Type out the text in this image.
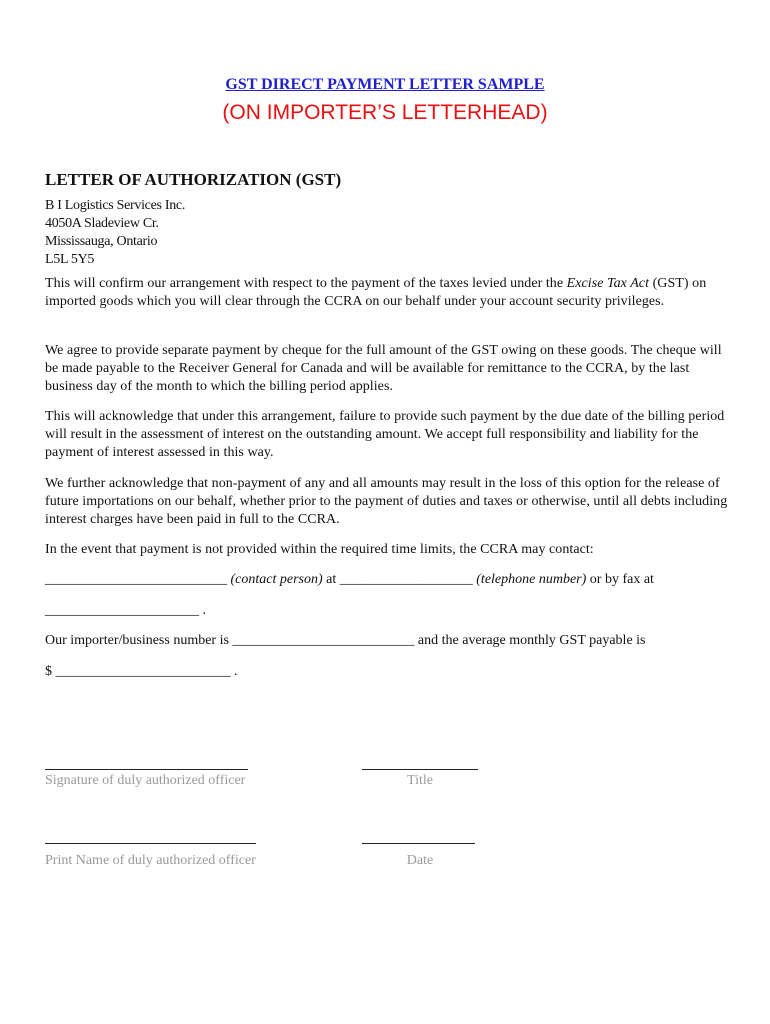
GST DIRECT PAYMENT LETTER SAMPLE
(ON IMPORTER’S LETTERHEAD)
LETTER OF AUTHORIZATION (GST)
B I Logistics Services Inc.
4050A Sladeview Cr.
Mississauga, Ontario
L5L 5Y5

This will confirm our arrangement with respect to the payment of the taxes levied under the Excise Tax Act (GST) on imported goods which you will clear through the CCRA on our behalf under your account security privileges.

We agree to provide separate payment by cheque for the full amount of the GST owing on these goods. The cheque will be made payable to the Receiver General for Canada and will be available for remittance to the CCRA, by the last business day of the month to which the billing period applies.

This will acknowledge that under this arrangement, failure to provide such payment by the due date of the billing period will result in the assessment of interest on the outstanding amount. We accept full responsibility and liability for the payment of interest assessed in this way.

We further acknowledge that non-payment of any and all amounts may result in the loss of this option for the release of future importations on our behalf, whether prior to the payment of duties and taxes or otherwise, until all debts including interest charges have been paid in full to the CCRA.

In the event that payment is not provided within the required time limits, the CCRA may contact:

__________________________ (contact person) at ___________________ (telephone number) or by fax at
______________________ .
Our importer/business number is __________________________ and the average monthly GST payable is
$ _________________________ .
Signature of duly authorized officer	Title
Print Name of duly authorized officer	Date
